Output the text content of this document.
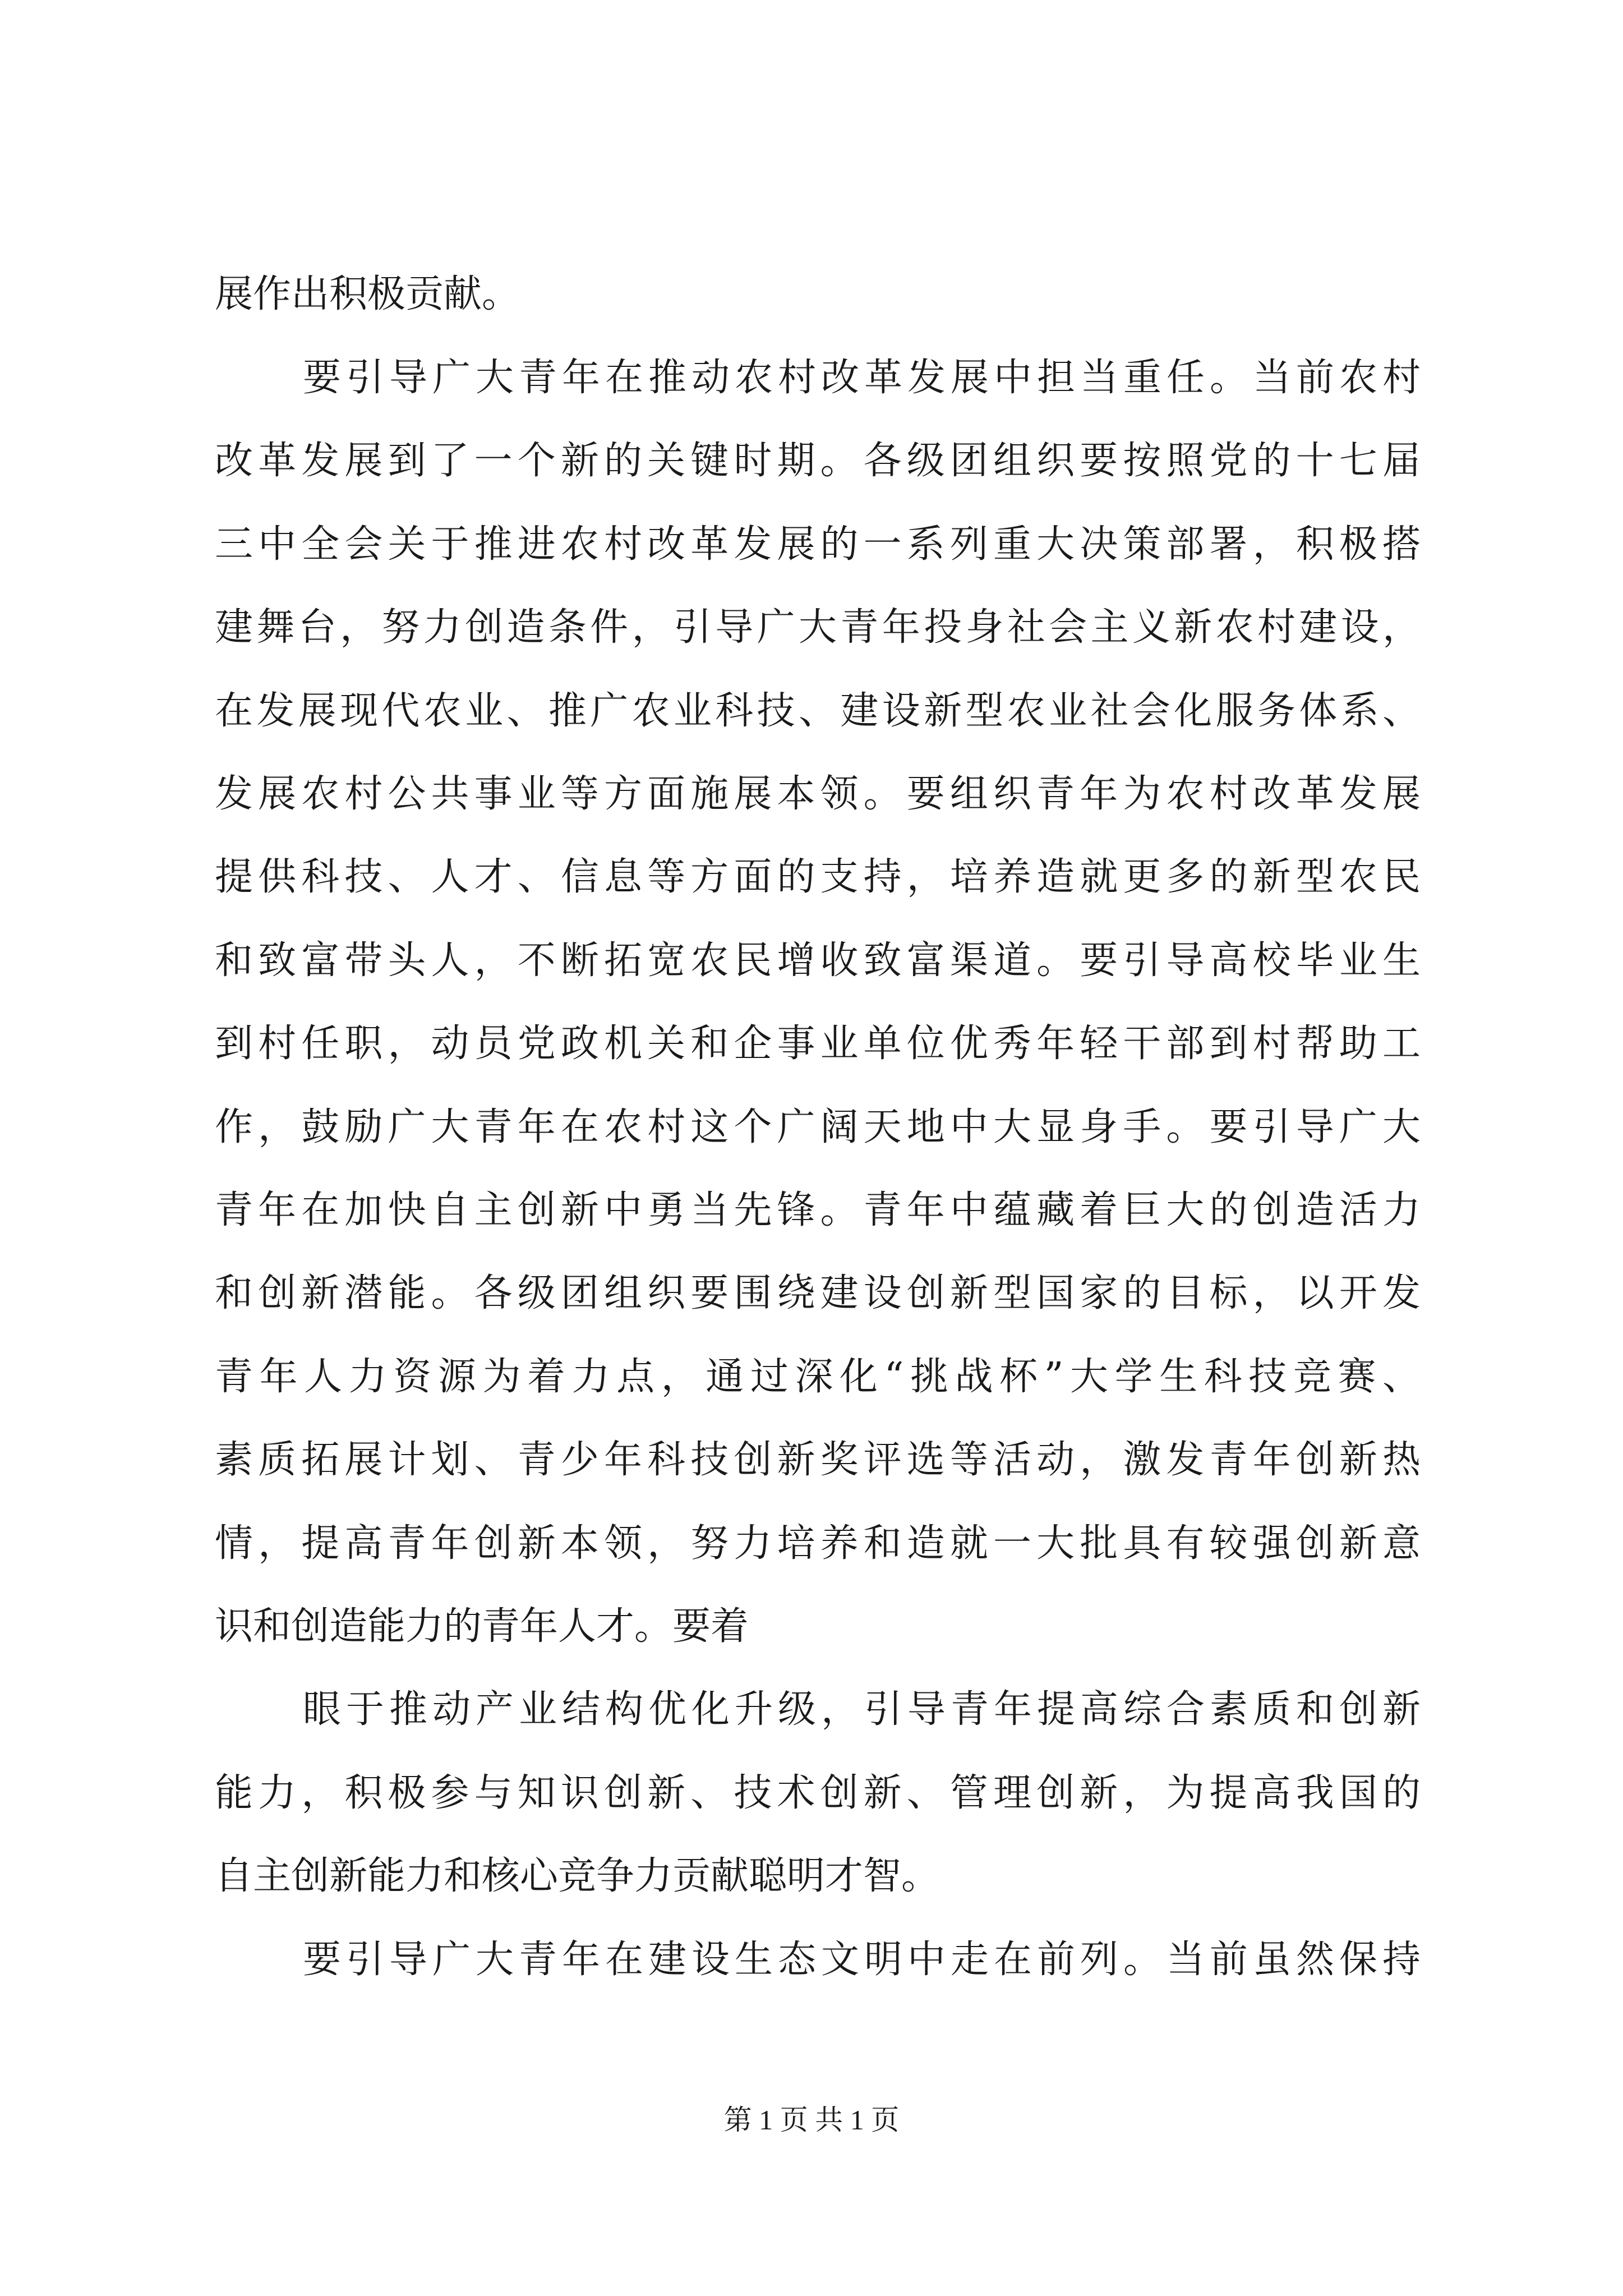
展作出积极贡献。
要引导广大青年在推动农村改革发展中担当重任。当前农村
改革发展到了一个新的关键时期。各级团组织要按照党的十七届
三中全会关于推进农村改革发展的一系列重大决策部署，积极搭
建舞台，努力创造条件，引导广大青年投身社会主义新农村建设，
在发展现代农业、推广农业科技、建设新型农业社会化服务体系、
发展农村公共事业等方面施展本领。要组织青年为农村改革发展
提供科技、人才、信息等方面的支持，培养造就更多的新型农民
和致富带头人，不断拓宽农民增收致富渠道。要引导高校毕业生
到村任职，动员党政机关和企事业单位优秀年轻干部到村帮助工
作，鼓励广大青年在农村这个广阔天地中大显身手。要引导广大
青年在加快自主创新中勇当先锋。青年中蕴藏着巨大的创造活力
和创新潜能。各级团组织要围绕建设创新型国家的目标，以开发
青年人力资源为着力点，通过深化“挑战杯”大学生科技竞赛、
素质拓展计划、青少年科技创新奖评选等活动，激发青年创新热
情，提高青年创新本领，努力培养和造就一大批具有较强创新意
识和创造能力的青年人才。要着
眼于推动产业结构优化升级，引导青年提高综合素质和创新
能力，积极参与知识创新、技术创新、管理创新，为提高我国的
自主创新能力和核心竞争力贡献聪明才智。
要引导广大青年在建设生态文明中走在前列。当前虽然保持
第 1 页 共 1 页
